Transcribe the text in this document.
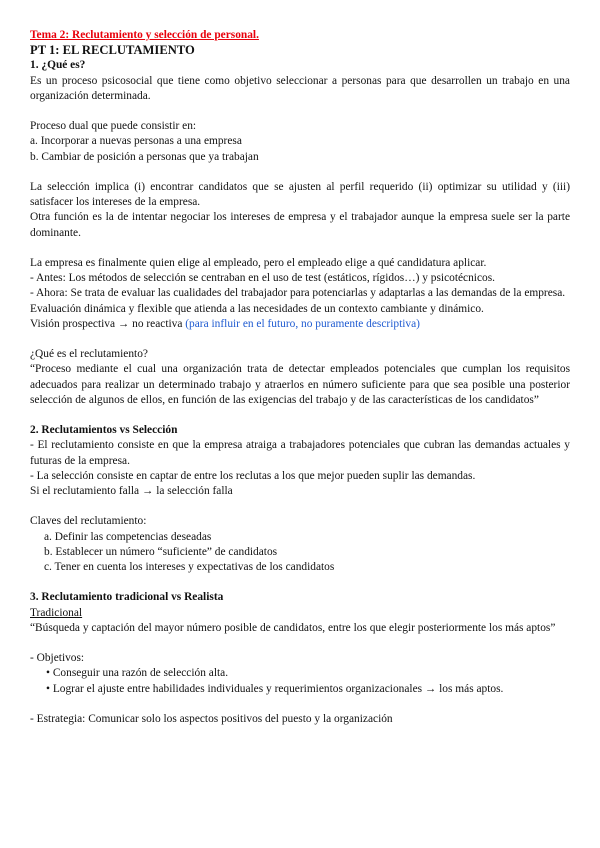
Tema 2: Reclutamiento y selección de personal.

PT 1: EL RECLUTAMIENTO

1. ¿Qué es?

Es un proceso psicosocial que tiene como objetivo seleccionar a personas para que desarrollen un trabajo en una organización determinada.

Proceso dual que puede consistir en:

a. Incorporar a nuevas personas a una empresa

b. Cambiar de posición a personas que ya trabajan

La selección implica (i) encontrar candidatos que se ajusten al perfil requerido (ii) optimizar su utilidad y (iii) satisfacer los intereses de la empresa.

Otra función es la de intentar negociar los intereses de empresa y el trabajador aunque la empresa suele ser la parte dominante.

La empresa es finalmente quien elige al empleado, pero el empleado elige a qué candidatura aplicar.

- Antes: Los métodos de selección se centraban en el uso de test (estáticos, rígidos…) y psicotécnicos.

- Ahora: Se trata de evaluar las cualidades del trabajador para potenciarlas y adaptarlas a las demandas de la empresa.

Evaluación dinámica y flexible que atienda a las necesidades de un contexto cambiante y dinámico.

Visión prospectiva → no reactiva (para influir en el futuro, no puramente descriptiva)

¿Qué es el reclutamiento?

“Proceso mediante el cual una organización trata de detectar empleados potenciales que cumplan los requisitos adecuados para realizar un determinado trabajo y atraerlos en número suficiente para que sea posible una posterior selección de algunos de ellos, en función de las exigencias del trabajo y de las características de los candidatos”

2. Reclutamientos vs Selección

- El reclutamiento consiste en que la empresa atraiga a trabajadores potenciales que cubran las demandas actuales y futuras de la empresa.

- La selección consiste en captar de entre los reclutas a los que mejor pueden suplir las demandas.

Si el reclutamiento falla → la selección falla

Claves del reclutamiento:

a. Definir las competencias deseadas

b. Establecer un número “suficiente” de candidatos

c. Tener en cuenta los intereses y expectativas de los candidatos

3. Reclutamiento tradicional vs Realista

Tradicional

“Búsqueda y captación del mayor número posible de candidatos, entre los que elegir posteriormente los más aptos”

- Objetivos:

• Conseguir una razón de selección alta.

• Lograr el ajuste entre habilidades individuales y requerimientos organizacionales → los más aptos.

- Estrategia: Comunicar solo los aspectos positivos del puesto y la organización
